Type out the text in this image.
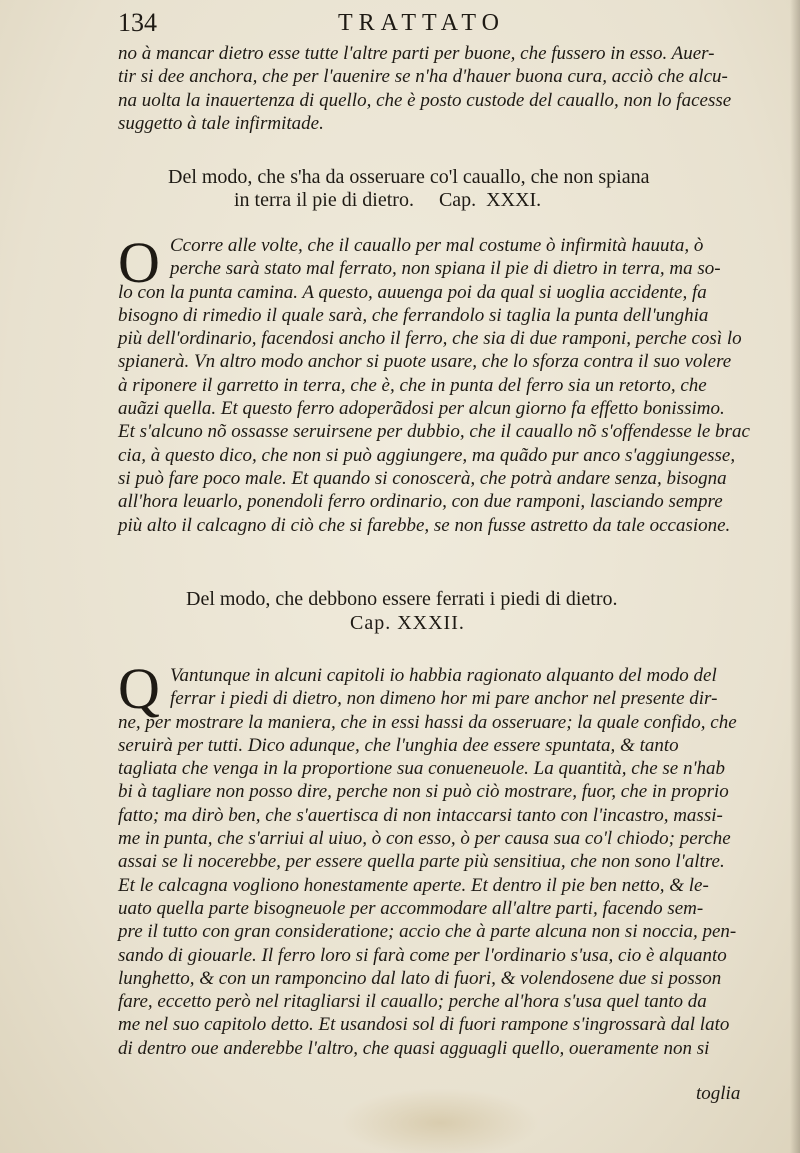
134	TRATTATO
no à mancar dietro esse tutte l'altre parti per buone, che fussero in esso. Auer-
tir si dee anchora, che per l'auenire se n'ha d'hauer buona cura, acciò che alcu-
na uolta la inauertenza di quello, che è posto custode del cauallo, non lo facesse
suggetto à tale infirmitade.
Del modo, che s'ha da osseruare co'l cauallo, che non spiana
in terra il pie di dietro.     Cap.  XXXI.
O Ccorre alle volte, che il cauallo per mal costume ò infirmità hauuta, ò
perche sarà stato mal ferrato, non spiana il pie di dietro in terra, ma so-
lo con la punta camina. A questo, auuenga poi da qual si uoglia accidente, fa
bisogno di rimedio il quale sarà, che ferrandolo si taglia la punta dell'unghia
più dell'ordinario, facendosi ancho il ferro, che sia di due ramponi, perche così lo
spianerà. Vn altro modo anchor si puote usare, che lo sforza contra il suo volere
à riponere il garretto in terra, che è, che in punta del ferro sia un retorto, che
auãzi quella. Et questo ferro adoperãdosi per alcun giorno fa effetto bonissimo.
Et s'alcuno nõ ossasse seruirsene per dubbio, che il cauallo nõ s'offendesse le brac
cia, à questo dico, che non si può aggiungere, ma quãdo pur anco s'aggiungesse,
si può fare poco male. Et quando si conoscerà, che potrà andare senza, bisogna
all'hora leuarlo, ponendoli ferro ordinario, con due ramponi, lasciando sempre
più alto il calcagno di ciò che si farebbe, se non fusse astretto da tale occasione.
Del modo, che debbono essere ferrati i piedi di dietro.
Cap. XXXII.
Q Vantunque in alcuni capitoli io habbia ragionato alquanto del modo del
ferrar i piedi di dietro, non dimeno hor mi pare anchor nel presente dir-
ne, per mostrare la maniera, che in essi hassi da osseruare; la quale confido, che
seruirà per tutti. Dico adunque, che l'unghia dee essere spuntata, & tanto
tagliata che venga in la proportione sua conueneuole. La quantità, che se n'hab
bi à tagliare non posso dire, perche non si può ciò mostrare, fuor, che in proprio
fatto; ma dirò ben, che s'auertisca di non intaccarsi tanto con l'incastro, massi-
me in punta, che s'arriui al uiuo, ò con esso, ò per causa sua co'l chiodo; perche
assai se li nocerebbe, per essere quella parte più sensitiua, che non sono l'altre.
Et le calcagna vogliono honestamente aperte. Et dentro il pie ben netto, & le-
uato quella parte bisogneuole per accommodare all'altre parti, facendo sem-
pre il tutto con gran consideratione; accio che à parte alcuna non si noccia, pen-
sando di giouarle. Il ferro loro si farà come per l'ordinario s'usa, cio è alquanto
lunghetto, & con un ramponcino dal lato di fuori, & volendosene due si posson
fare, eccetto però nel ritagliarsi il cauallo; perche al'hora s'usa quel tanto da
me nel suo capitolo detto. Et usandosi sol di fuori rampone s'ingrossarà dal lato
di dentro oue anderebbe l'altro, che quasi agguagli quello, oueramente non si
toglia
